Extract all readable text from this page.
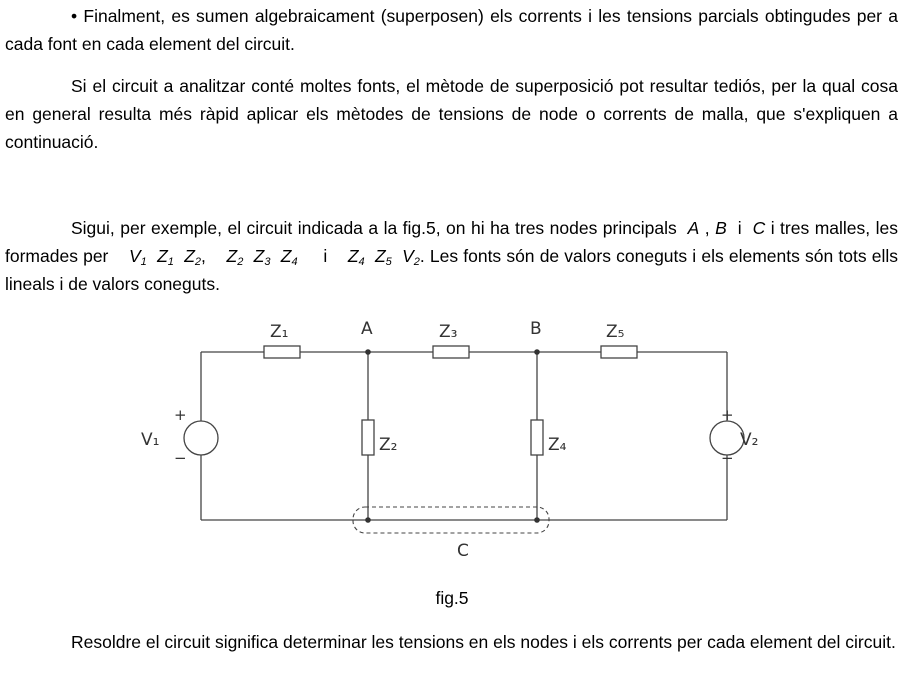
• Finalment, es sumen algebraicament (superposen) els corrents i les tensions parcials obtingudes per a cada font en cada element del circuit.

Si el circuit a analitzar conté moltes fonts, el mètode de superposició pot resultar tediós, per la qual cosa en general resulta més ràpid aplicar els mètodes de tensions de node o corrents de malla, que s'expliquen a continuació.

Sigui, per exemple, el circuit indicada a la fig.5, on hi ha tres nodes principals A , B i C i tres malles, les formades per $V_1$ $Z_1$ $Z_2$, $Z_2$ $Z_3$ $Z_4$ i $Z_4$ $Z_5$ $V_2$. Les fonts són de valors coneguts i els elements són tots ells lineals i de valors coneguts.

Z₁	Z₃	Z₅
Z₂	Z₄
V₁	V₂
A	B
C
+
−
+
−
fig.5

Resoldre el circuit significa determinar les tensions en els nodes i els corrents per cada element del circuit.
